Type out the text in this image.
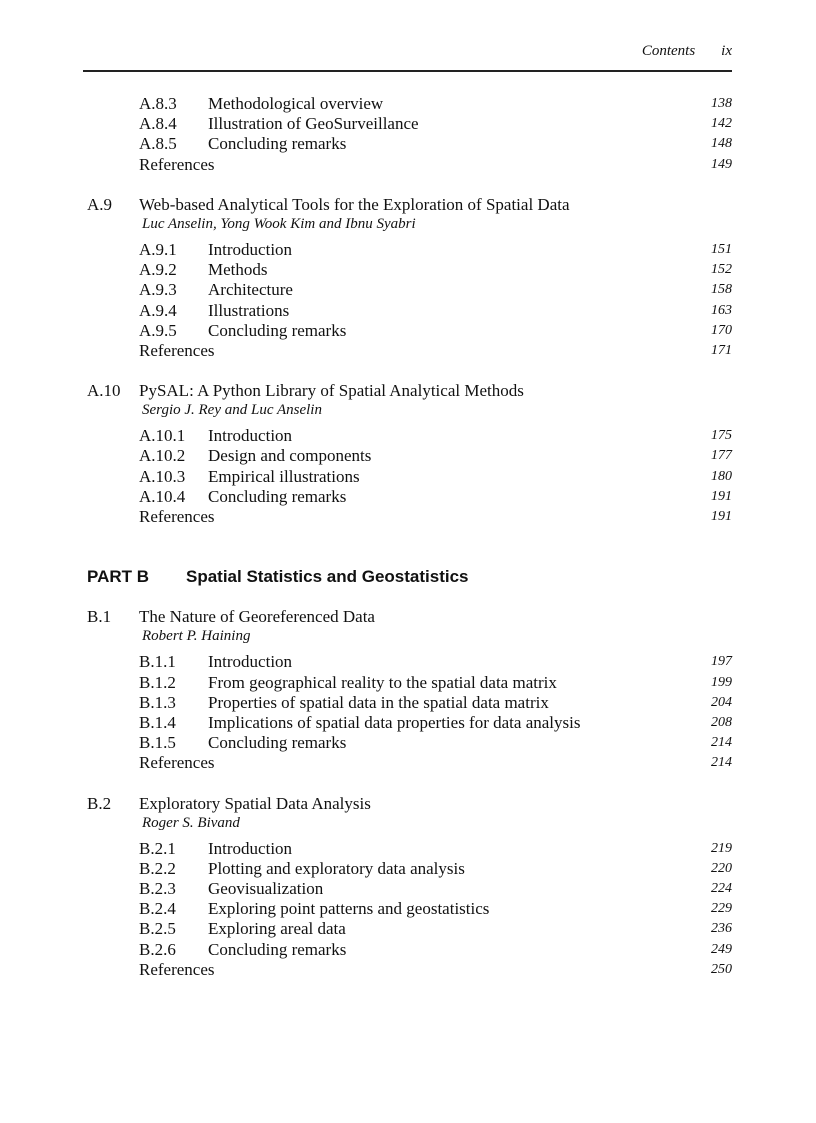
Contents ix
A.8.3 Methodological overview	138
A.8.4 Illustration of GeoSurveillance	142
A.8.5 Concluding remarks	148
References	149
A.9 Web-based Analytical Tools for the Exploration of Spatial Data
Luc Anselin, Yong Wook Kim and Ibnu Syabri
A.9.1 Introduction	151
A.9.2 Methods	152
A.9.3 Architecture	158
A.9.4 Illustrations	163
A.9.5 Concluding remarks	170
References	171
A.10 PySAL: A Python Library of Spatial Analytical Methods
Sergio J. Rey and Luc Anselin
A.10.1 Introduction	175
A.10.2 Design and components	177
A.10.3 Empirical illustrations	180
A.10.4 Concluding remarks	191
References	191
PART B Spatial Statistics and Geostatistics
B.1 The Nature of Georeferenced Data
Robert P. Haining
B.1.1 Introduction	197
B.1.2 From geographical reality to the spatial data matrix	199
B.1.3 Properties of spatial data in the spatial data matrix	204
B.1.4 Implications of spatial data properties for data analysis	208
B.1.5 Concluding remarks	214
References	214
B.2 Exploratory Spatial Data Analysis
Roger S. Bivand
B.2.1 Introduction	219
B.2.2 Plotting and exploratory data analysis	220
B.2.3 Geovisualization	224
B.2.4 Exploring point patterns and geostatistics	229
B.2.5 Exploring areal data	236
B.2.6 Concluding remarks	249
References	250
